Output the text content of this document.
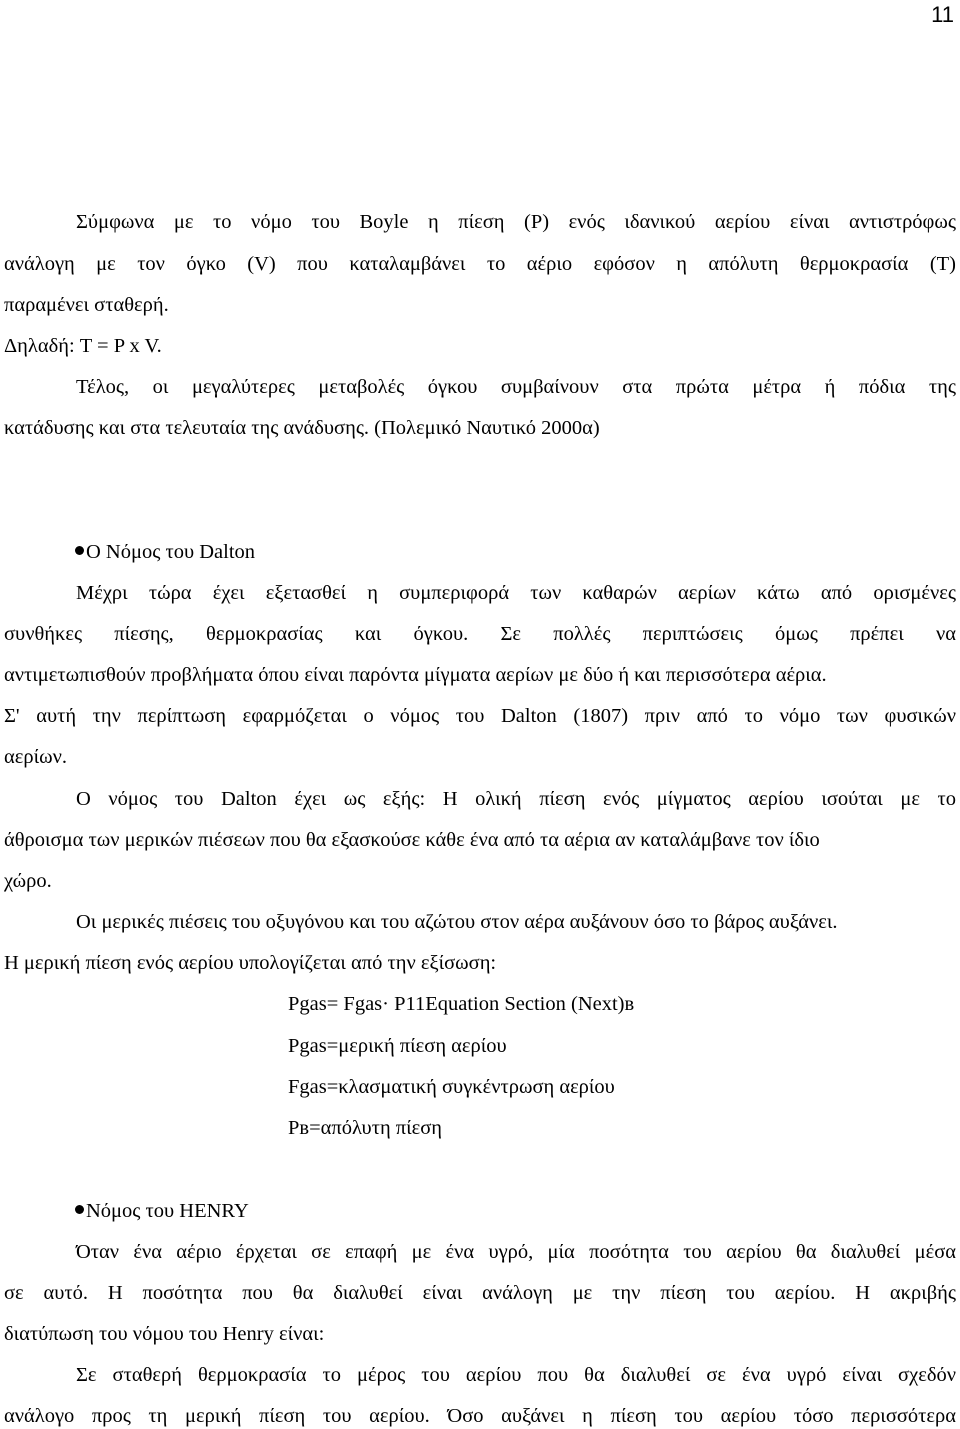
11
Σύμφωνα με το νόμο του Boyle η πίεση (P) ενός ιδανικού αερίου είναι αντιστρόφως
ανάλογη με τον όγκο (V) που καταλαμβάνει το αέριο εφόσον η απόλυτη θερμοκρασία (T)
παραμένει σταθερή.
Δηλαδή: T = P x V.
Τέλος, οι μεγαλύτερες μεταβολές όγκου συμβαίνουν στα πρώτα μέτρα ή πόδια της
κατάδυσης και στα τελευταία της ανάδυσης. (Πολεμικό Ναυτικό 2000α)
Ο Νόμος του Dalton
Μέχρι τώρα έχει εξετασθεί η συμπεριφορά των καθαρών αερίων κάτω από ορισμένες
συνθήκες πίεσης, θερμοκρασίας και όγκου. Σε πολλές περιπτώσεις όμως πρέπει να
αντιμετωπισθούν προβλήματα όπου είναι παρόντα μίγματα αερίων με δύο ή και περισσότερα αέρια.
Σ' αυτή την περίπτωση εφαρμόζεται ο νόμος του Dalton (1807) πριν από το νόμο των φυσικών
αερίων.
Ο νόμος του Dalton έχει ως εξής: Η ολική πίεση ενός μίγματος αερίου ισούται με το
άθροισμα των μερικών πιέσεων που θα εξασκούσε κάθε ένα από τα αέρια αν καταλάμβανε τον ίδιο
χώρο.
Οι μερικές πιέσεις του οξυγόνου και του αζώτου στον αέρα αυξάνουν όσο το βάρος αυξάνει.
Η μερική πίεση ενός αερίου υπολογίζεται από την εξίσωση:
Pgas= Fgas· P11Equation Section (Next)в
Pgas=μερική πίεση αερίου
Fgas=κλασματική συγκέντρωση αερίου
Pв=απόλυτη πίεση
Νόμος του HENRY
Όταν ένα αέριο έρχεται σε επαφή με ένα υγρό, μία ποσότητα του αερίου θα διαλυθεί μέσα
σε αυτό. Η ποσότητα που θα διαλυθεί είναι ανάλογη με την πίεση του αερίου. Η ακριβής
διατύπωση του νόμου του Henry είναι:
Σε σταθερή θερμοκρασία το μέρος του αερίου που θα διαλυθεί σε ένα υγρό είναι σχεδόν
ανάλογο προς τη μερική πίεση του αερίου. Όσο αυξάνει η πίεση του αερίου τόσο περισσότερα
